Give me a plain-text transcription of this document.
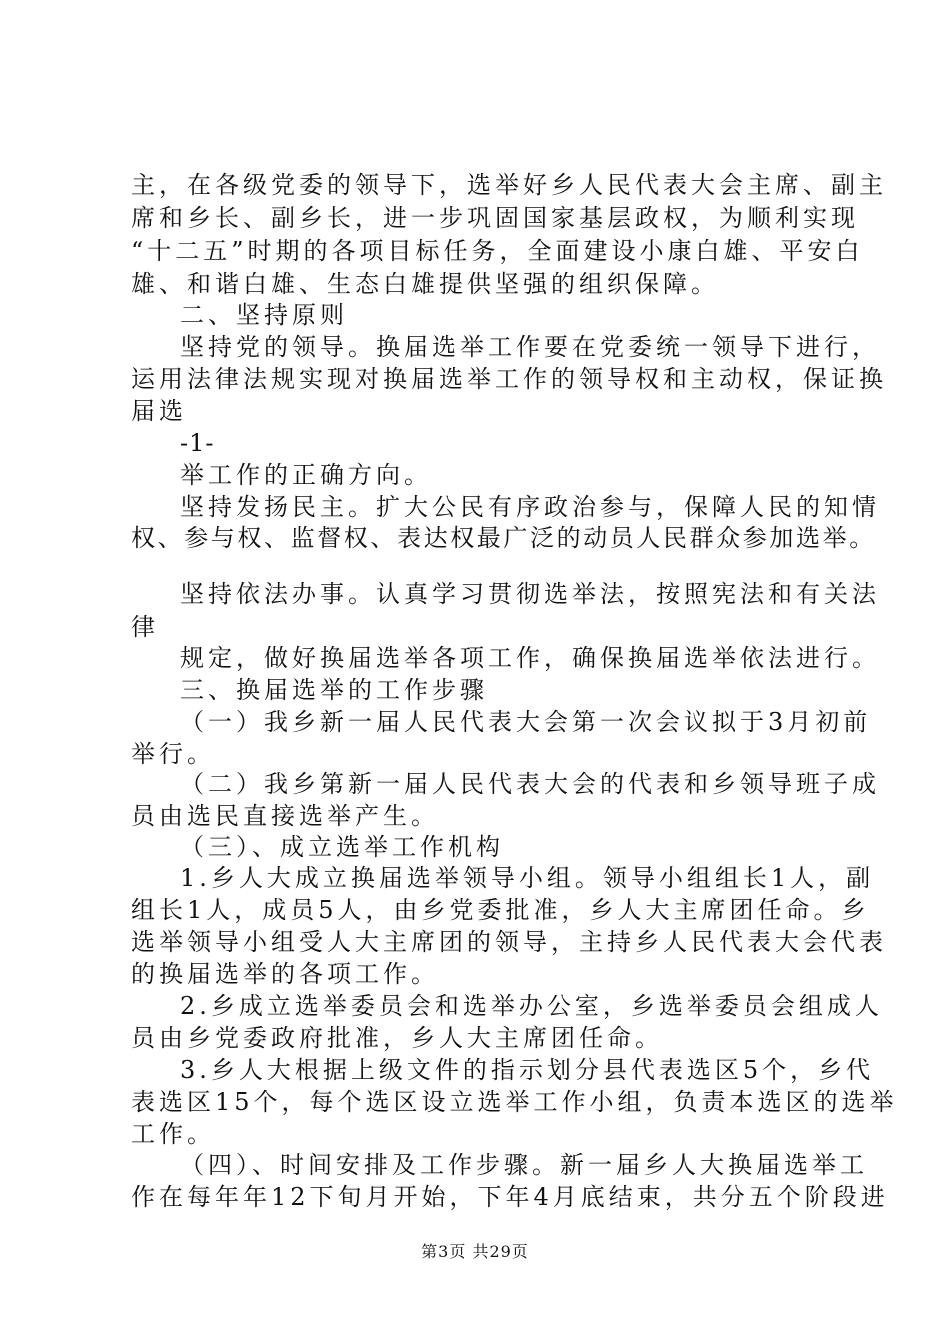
主，在各级党委的领导下，选举好乡人民代表大会主席、副主
席和乡长、副乡长，进一步巩固国家基层政权，为顺利实现
“十二五”时期的各项目标任务，全面建设小康白雄、平安白
雄、和谐白雄、生态白雄提供坚强的组织保障。
二、坚持原则
坚持党的领导。换届选举工作要在党委统一领导下进行，
运用法律法规实现对换届选举工作的领导权和主动权，保证换
届选
-1-
举工作的正确方向。
坚持发扬民主。扩大公民有序政治参与，保障人民的知情
权、参与权、监督权、表达权最广泛的动员人民群众参加选举。
坚持依法办事。认真学习贯彻选举法，按照宪法和有关法
律
规定，做好换届选举各项工作，确保换届选举依法进行。
三、换届选举的工作步骤
（一）我乡新一届人民代表大会第一次会议拟于3月初前
举行。
（二）我乡第新一届人民代表大会的代表和乡领导班子成
员由选民直接选举产生。
（三）、成立选举工作机构
1.乡人大成立换届选举领导小组。领导小组组长1人，副
组长1人，成员5人，由乡党委批准，乡人大主席团任命。乡
选举领导小组受人大主席团的领导，主持乡人民代表大会代表
的换届选举的各项工作。
2.乡成立选举委员会和选举办公室，乡选举委员会组成人
员由乡党委政府批准，乡人大主席团任命。
3.乡人大根据上级文件的指示划分县代表选区5个，乡代
表选区15个，每个选区设立选举工作小组，负责本选区的选举
工作。
（四）、时间安排及工作步骤。新一届乡人大换届选举工
作在每年年12下旬月开始，下年4月底结束，共分五个阶段进
第3页 共29页
